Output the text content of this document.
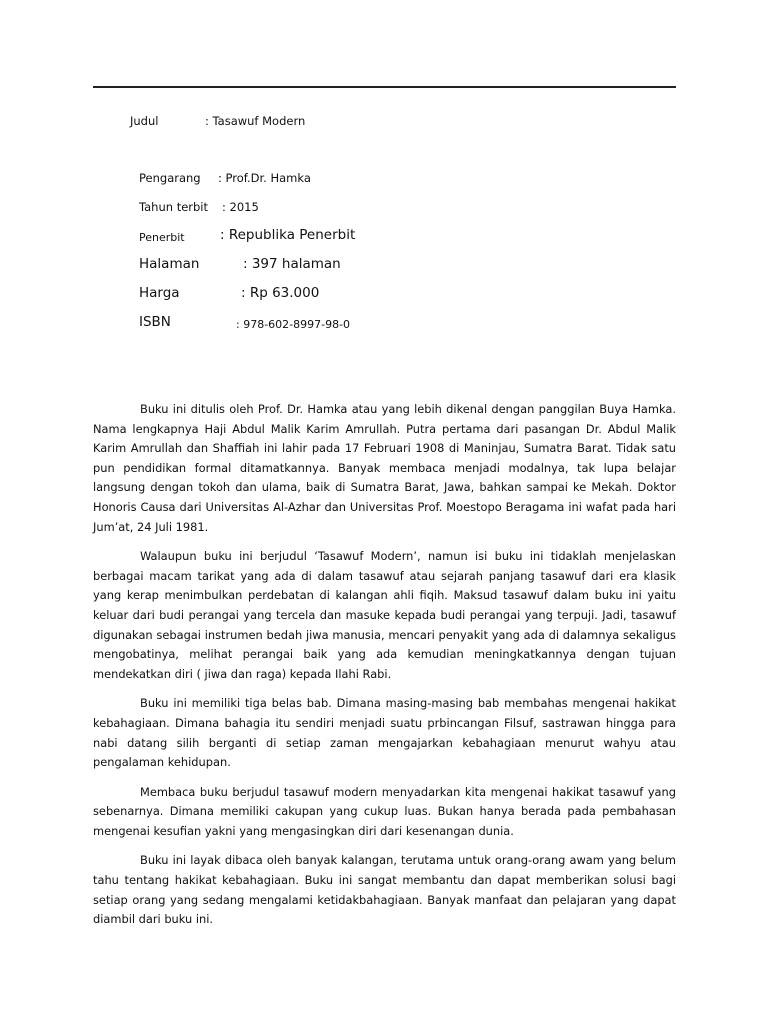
Judul	: Tasawuf Modern
Pengarang : Prof.Dr. Hamka
Tahun terbit : 2015
Penerbit	: Republika Penerbit
Halaman	: 397 halaman
Harga	: Rp 63.000
ISBN	: 978-602-8997-98-0

Buku ini ditulis oleh Prof. Dr. Hamka atau yang lebih dikenal dengan panggilan Buya Hamka. Nama lengkapnya Haji Abdul Malik Karim Amrullah. Putra pertama dari pasangan Dr. Abdul Malik Karim Amrullah dan Shaffiah ini lahir pada 17 Februari 1908 di Maninjau, Sumatra Barat. Tidak satu pun pendidikan formal ditamatkannya. Banyak membaca menjadi modalnya, tak lupa belajar langsung dengan tokoh dan ulama, baik di Sumatra Barat, Jawa, bahkan sampai ke Mekah. Doktor Honoris Causa dari Universitas Al-Azhar dan Universitas Prof. Moestopo Beragama ini wafat pada hari Jum’at, 24 Juli 1981.

Walaupun buku ini berjudul ‘Tasawuf Modern’, namun isi buku ini tidaklah menjelaskan berbagai macam tarikat yang ada di dalam tasawuf atau sejarah panjang tasawuf dari era klasik yang kerap menimbulkan perdebatan di kalangan ahli fiqih. Maksud tasawuf dalam buku ini yaitu keluar dari budi perangai yang tercela dan masuke kepada budi perangai yang terpuji. Jadi, tasawuf digunakan sebagai instrumen bedah jiwa manusia, mencari penyakit yang ada di dalamnya sekaligus mengobatinya, melihat perangai baik yang ada kemudian meningkatkannya dengan tujuan mendekatkan diri ( jiwa dan raga) kepada Ilahi Rabi.

Buku ini memiliki tiga belas bab. Dimana masing-masing bab membahas mengenai hakikat kebahagiaan. Dimana bahagia itu sendiri menjadi suatu prbincangan Filsuf, sastrawan hingga para nabi datang silih berganti di setiap zaman mengajarkan kebahagiaan menurut wahyu atau pengalaman kehidupan.

Membaca buku berjudul tasawuf modern menyadarkan kita mengenai hakikat tasawuf yang sebenarnya. Dimana memiliki cakupan yang cukup luas. Bukan hanya berada pada pembahasan mengenai kesufian yakni yang mengasingkan diri dari kesenangan dunia.

Buku ini layak dibaca oleh banyak kalangan, terutama untuk orang-orang awam yang belum tahu tentang hakikat kebahagiaan. Buku ini sangat membantu dan dapat memberikan solusi bagi setiap orang yang sedang mengalami ketidakbahagiaan. Banyak manfaat dan pelajaran yang dapat diambil dari buku ini.
